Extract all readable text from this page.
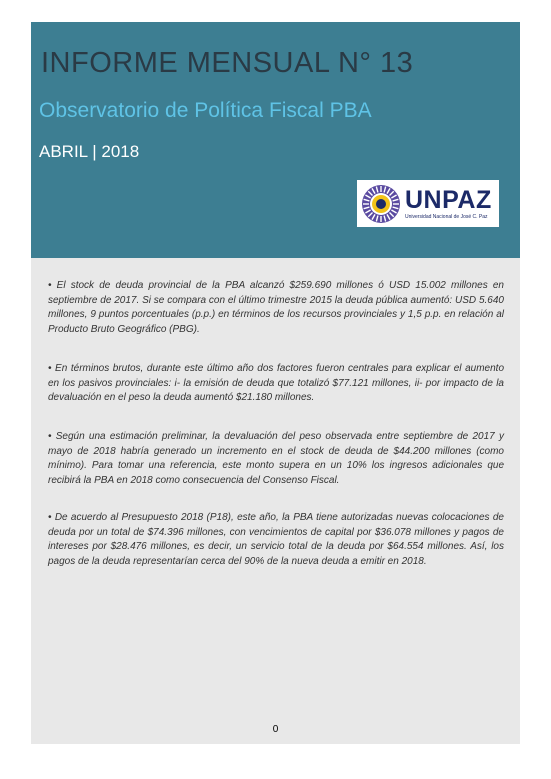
INFORME MENSUAL N° 13
Observatorio de Política Fiscal PBA
ABRIL | 2018
UNPAZ
Universidad Nacional de José C. Paz

• El stock de deuda provincial de la PBA alcanzó $259.690 millones ó USD 15.002 millones en septiembre de 2017. Si se compara con el último trimestre 2015 la deuda pública aumentó: USD 5.640 millones, 9 puntos porcentuales (p.p.) en términos de los recursos provinciales y 1,5 p.p. en relación al Producto Bruto Geográfico (PBG).

• En términos brutos, durante este último año dos factores fueron centrales para explicar el aumento en los pasivos provinciales: i- la emisión de deuda que totalizó $77.121 millones, ii- por impacto de la devaluación en el peso la deuda aumentó $21.180 millones.

• Según una estimación preliminar, la devaluación del peso observada entre septiembre de 2017 y mayo de 2018 habría generado un incremento en el stock de deuda de $44.200 millones (como mínimo). Para tomar una referencia, este monto supera en un 10% los ingresos adicionales que recibirá la PBA en 2018 como consecuencia del Consenso Fiscal.

• De acuerdo al Presupuesto 2018 (P18), este año, la PBA tiene autorizadas nuevas colocaciones de deuda por un total de $74.396 millones, con vencimientos de capital por $36.078 millones y pagos de intereses por $28.476 millones, es decir, un servicio total de la deuda por $64.554 millones. Así, los pagos de la deuda representarían cerca del 90% de la nueva deuda a emitir en 2018.

0
